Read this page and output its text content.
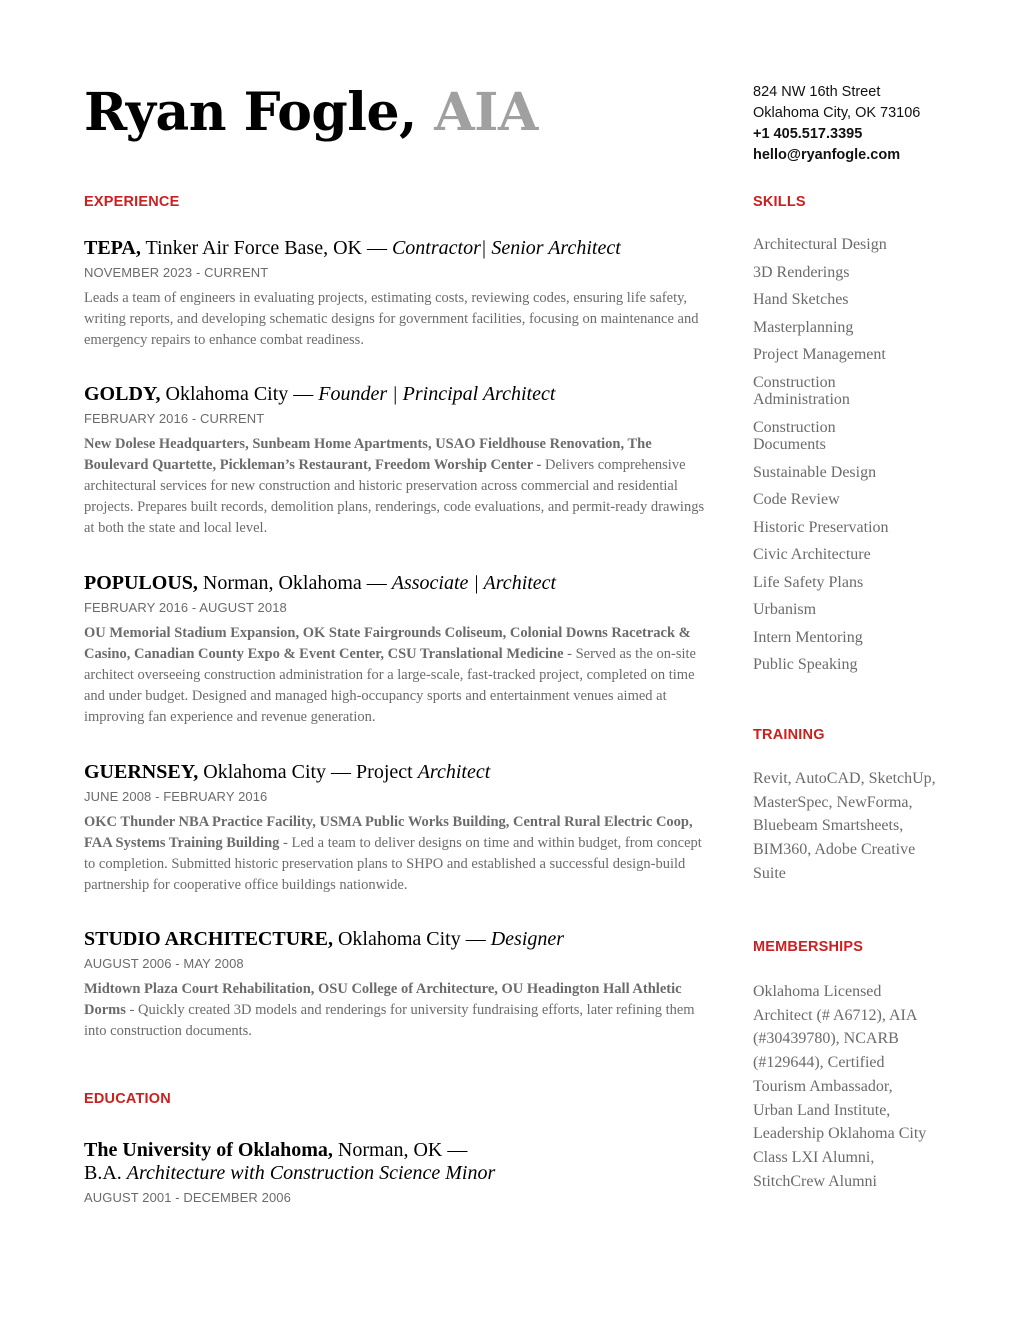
Ryan Fogle, AIA	824 NW 16th Street
Oklahoma City, OK 73106
+1 405.517.3395
hello@ryanfogle.com
EXPERIENCE
EDUCATION
SKILLS
TRAINING
MEMBERSHIPS
TEPA, Tinker Air Force Base, OK — Contractor| Senior Architect
NOVEMBER 2023 - CURRENT
Leads a team of engineers in evaluating projects, estimating costs, reviewing codes, ensuring life safety, writing reports, and developing schematic designs for government facilities, focusing on maintenance and emergency repairs to enhance combat readiness.
GOLDY, Oklahoma City — Founder | Principal Architect
FEBRUARY 2016 - CURRENT
New Dolese Headquarters, Sunbeam Home Apartments, USAO Fieldhouse Renovation, The Boulevard Quartette, Pickleman’s Restaurant, Freedom Worship Center - Delivers comprehensive architectural services for new construction and historic preservation across commercial and residential projects. Prepares built records, demolition plans, renderings, code evaluations, and permit-ready drawings at both the state and local level.
POPULOUS, Norman, Oklahoma — Associate | Architect
FEBRUARY 2016 - AUGUST 2018
OU Memorial Stadium Expansion, OK State Fairgrounds Coliseum, Colonial Downs Racetrack & Casino, Canadian County Expo & Event Center, CSU Translational Medicine - Served as the on-site architect overseeing construction administration for a large-scale, fast-tracked project, completed on time and under budget. Designed and managed high-occupancy sports and entertainment venues aimed at improving fan experience and revenue generation.
GUERNSEY, Oklahoma City — Project Architect
JUNE 2008 - FEBRUARY 2016
OKC Thunder NBA Practice Facility, USMA Public Works Building, Central Rural Electric Coop, FAA Systems Training Building - Led a team to deliver designs on time and within budget, from concept to completion. Submitted historic preservation plans to SHPO and established a successful design-build partnership for cooperative office buildings nationwide.
STUDIO ARCHITECTURE, Oklahoma City — Designer
AUGUST 2006 - MAY 2008
Midtown Plaza Court Rehabilitation, OSU College of Architecture, OU Headington Hall Athletic Dorms - Quickly created 3D models and renderings for university fundraising efforts, later refining them into construction documents.
The University of Oklahoma, Norman, OK —
B.A. Architecture with Construction Science Minor
AUGUST 2001 - DECEMBER 2006
Architectural Design
3D Renderings
Hand Sketches
Masterplanning
Project Management
Construction Administration
Construction Documents
Sustainable Design
Code Review
Historic Preservation
Civic Architecture
Life Safety Plans
Urbanism
Intern Mentoring
Public Speaking
Revit, AutoCAD, SketchUp, MasterSpec, NewForma, Bluebeam Smartsheets, BIM360, Adobe Creative Suite
Oklahoma Licensed Architect (# A6712), AIA (#30439780), NCARB (#129644), Certified Tourism Ambassador, Urban Land Institute, Leadership Oklahoma City Class LXI Alumni, StitchCrew Alumni
